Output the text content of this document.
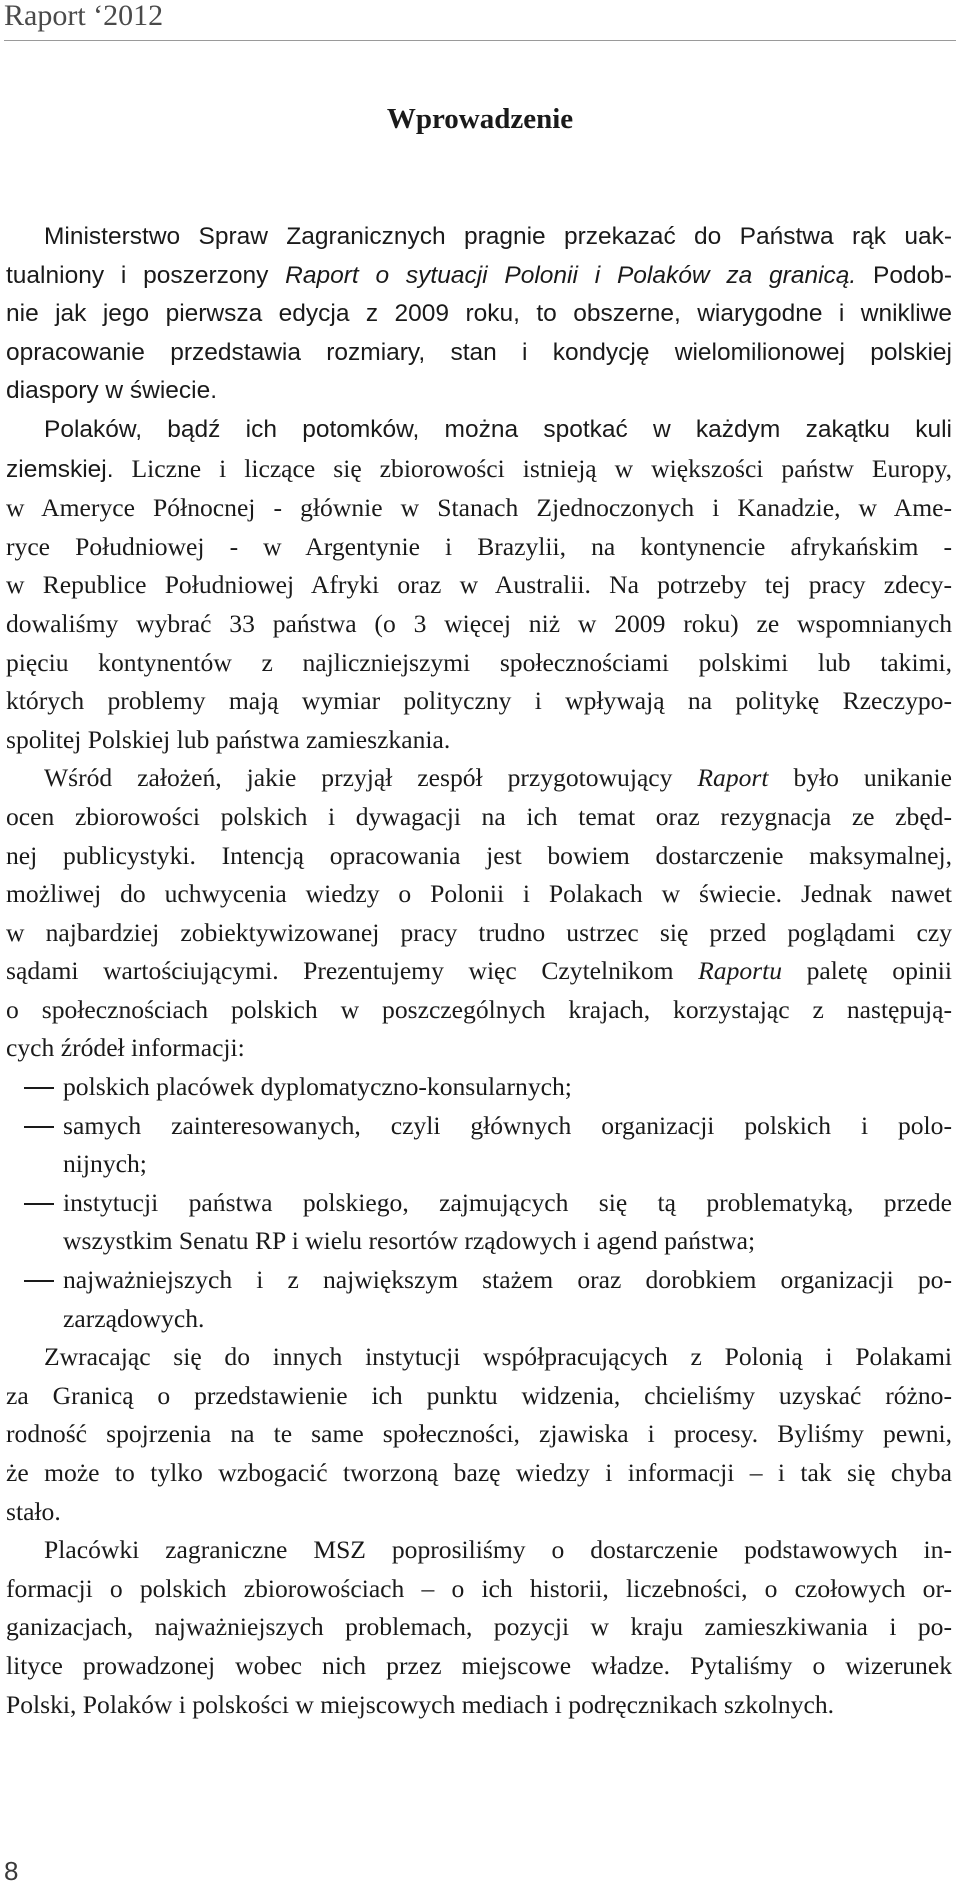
Raport ‘2012
Wprowadzenie
Ministerstwo Spraw Zagranicznych pragnie przekazać do Państwa rąk uak-
tualniony i poszerzony Raport o sytuacji Polonii i Polaków za granicą. Podob-
nie jak jego pierwsza edycja z 2009 roku, to obszerne, wiarygodne i wnikliwe
opracowanie przedstawia rozmiary, stan i kondycję wielomilionowej polskiej
diaspory w świecie.
Polaków, bądź ich potomków, można spotkać w każdym zakątku kuli
ziemskiej. Liczne i liczące się zbiorowości istnieją w większości państw Europy,
w Ameryce Północnej - głównie w Stanach Zjednoczonych i Kanadzie, w Ame-
ryce Południowej - w Argentynie i Brazylii, na kontynencie afrykańskim -
w Republice Południowej Afryki oraz w Australii. Na potrzeby tej pracy zdecy-
dowaliśmy wybrać 33 państwa (o 3 więcej niż w 2009 roku) ze wspomnianych
pięciu kontynentów z najliczniejszymi społecznościami polskimi lub takimi,
których problemy mają wymiar polityczny i wpływają na politykę Rzeczypo-
spolitej Polskiej lub państwa zamieszkania.
Wśród założeń, jakie przyjął zespół przygotowujący Raport było unikanie
ocen zbiorowości polskich i dywagacji na ich temat oraz rezygnacja ze zbęd-
nej publicystyki. Intencją opracowania jest bowiem dostarczenie maksymalnej,
możliwej do uchwycenia wiedzy o Polonii i Polakach w świecie. Jednak nawet
w najbardziej zobiektywizowanej pracy trudno ustrzec się przed poglądami czy
sądami wartościującymi. Prezentujemy więc Czytelnikom Raportu paletę opinii
o społecznościach polskich w poszczególnych krajach, korzystając z następują-
cych źródeł informacji:
polskich placówek dyplomatyczno-konsularnych;
samych zainteresowanych, czyli głównych organizacji polskich i polo-
nijnych;
instytucji państwa polskiego, zajmujących się tą problematyką, przede
wszystkim Senatu RP i wielu resortów rządowych i agend państwa;
najważniejszych i z największym stażem oraz dorobkiem organizacji po-
zarządowych.
Zwracając się do innych instytucji współpracujących z Polonią i Polakami
za Granicą o przedstawienie ich punktu widzenia, chcieliśmy uzyskać różno-
rodność spojrzenia na te same społeczności, zjawiska i procesy. Byliśmy pewni,
że może to tylko wzbogacić tworzoną bazę wiedzy i informacji – i tak się chyba
stało.
Placówki zagraniczne MSZ poprosiliśmy o dostarczenie podstawowych in-
formacji o polskich zbiorowościach – o ich historii, liczebności, o czołowych or-
ganizacjach, najważniejszych problemach, pozycji w kraju zamieszkiwania i po-
lityce prowadzonej wobec nich przez miejscowe władze. Pytaliśmy o wizerunek
Polski, Polaków i polskości w miejscowych mediach i podręcznikach szkolnych.
8
